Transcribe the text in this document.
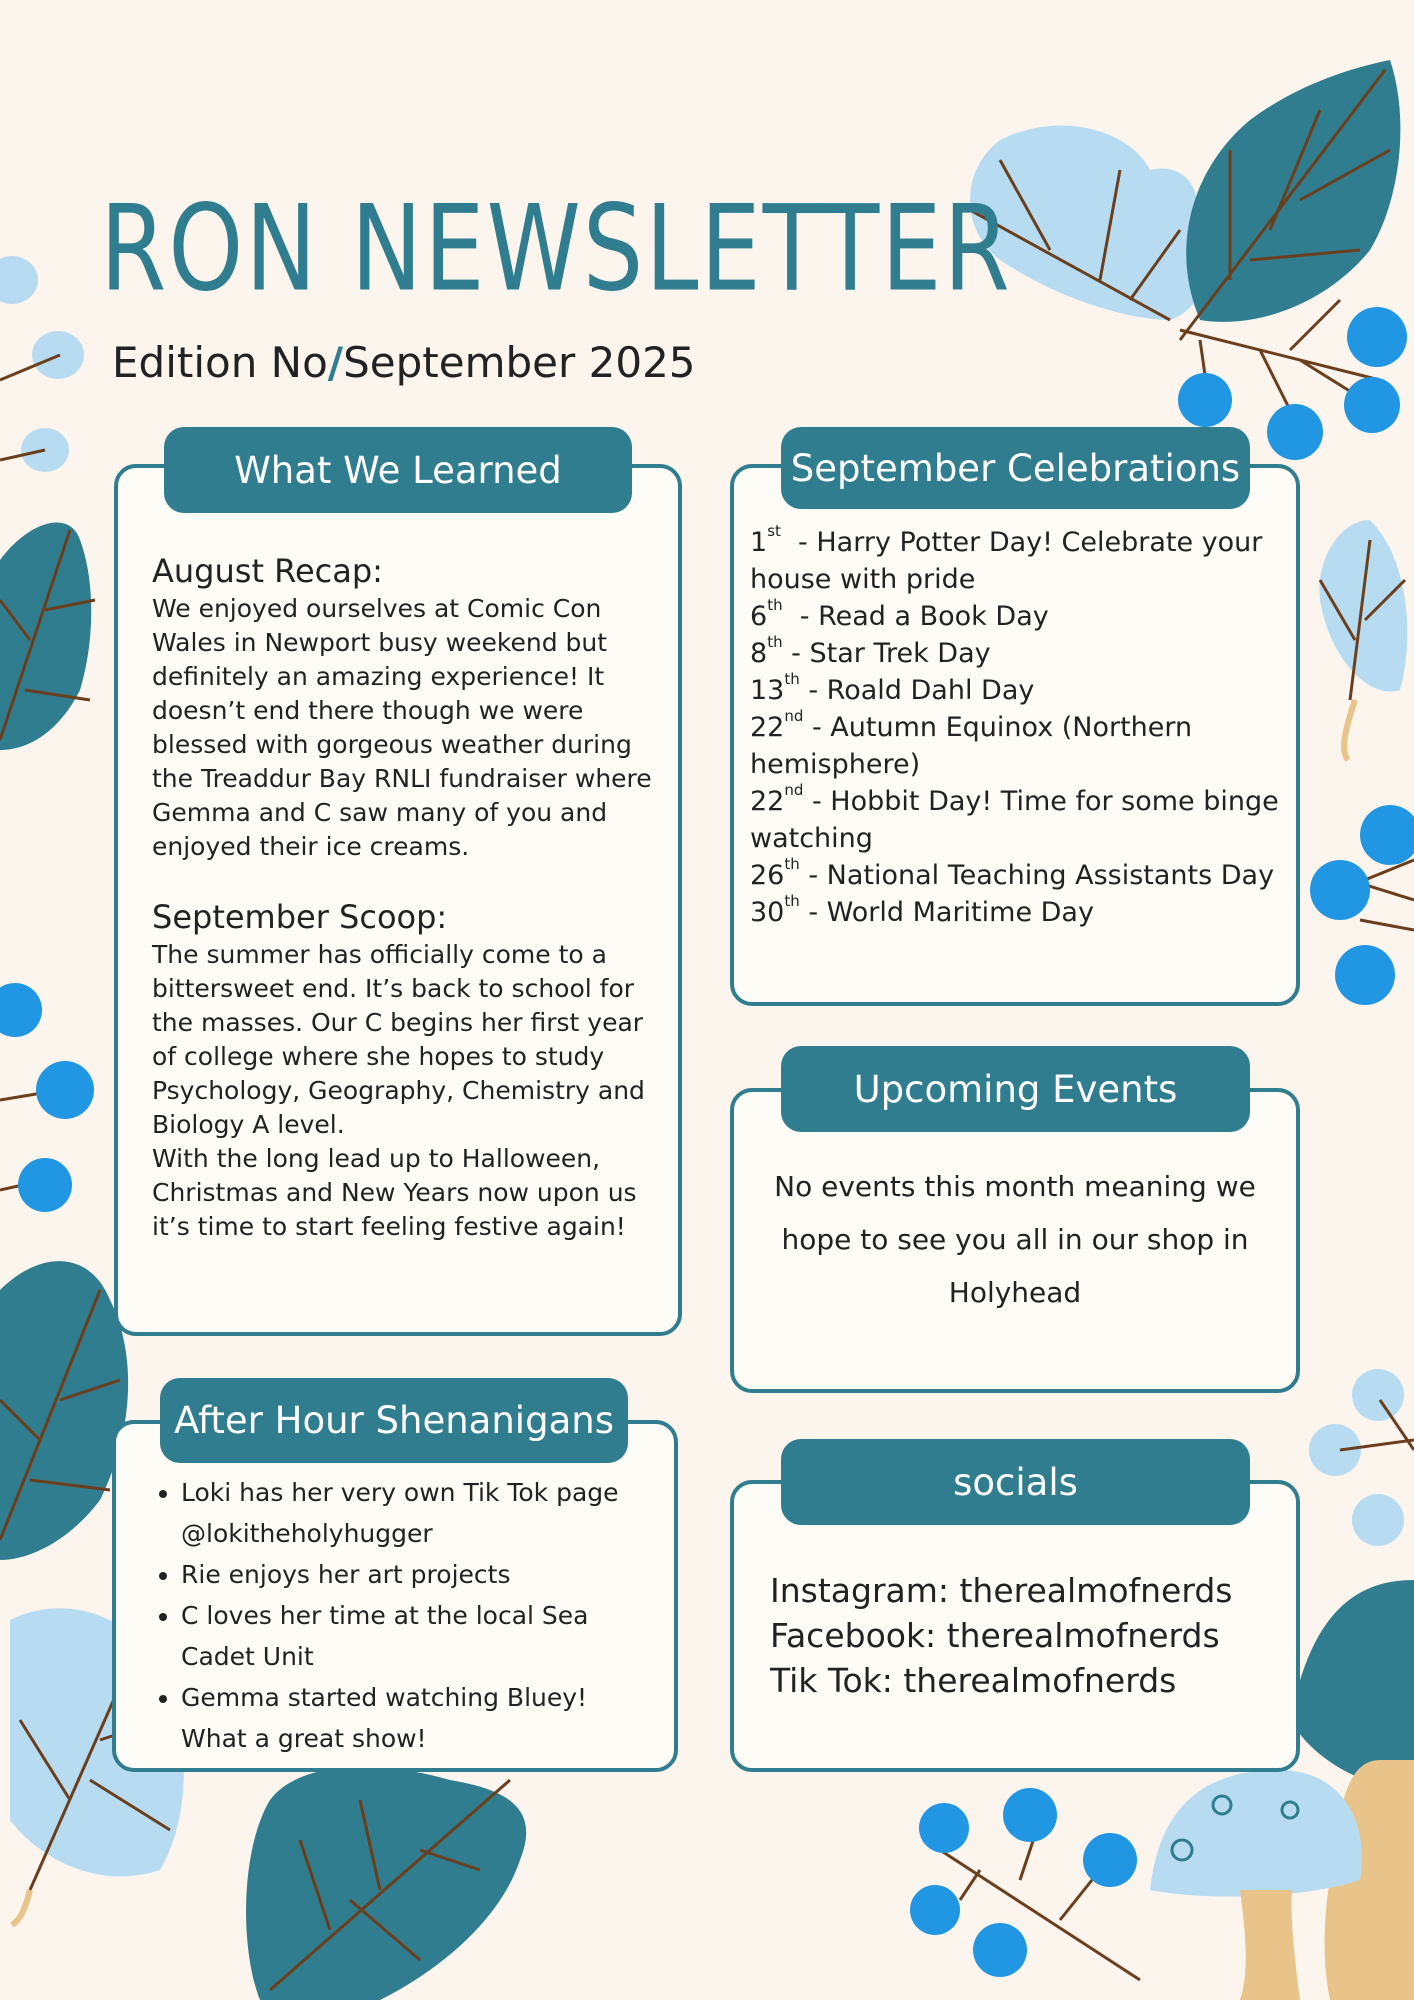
RON NEWSLETTER
Edition No/September 2025
What We Learned
August Recap:

We enjoyed ourselves at Comic Con Wales in Newport busy weekend but definitely an amazing experience! It doesn’t end there though we were blessed with gorgeous weather during the Treaddur Bay RNLI fundraiser where Gemma and C saw many of you and enjoyed their ice creams.

September Scoop:

The summer has officially come to a bittersweet end. It’s back to school for the masses. Our C begins her first year of college where she hopes to study Psychology, Geography, Chemistry and Biology A level.

With the long lead up to Halloween, Christmas and New Years now upon us it’s time to start feeling festive again!

September Celebrations
1st  - Harry Potter Day! Celebrate your house with pride
6th  - Read a Book Day
8th - Star Trek Day
13th - Roald Dahl Day
22nd - Autumn Equinox (Northern hemisphere)
22nd - Hobbit Day! Time for some binge watching
26th - National Teaching Assistants Day
30th - World Maritime Day
Upcoming Events
No events this month meaning we hope to see you all in our shop in Holyhead
After Hour Shenanigans
• Loki has her very own Tik Tok page @lokitheholyhugger
• Rie enjoys her art projects
• C loves her time at the local Sea Cadet Unit
• Gemma started watching Bluey! What a great show!
socials
Instagram: therealmofnerds
Facebook: therealmofnerds
Tik Tok: therealmofnerds
